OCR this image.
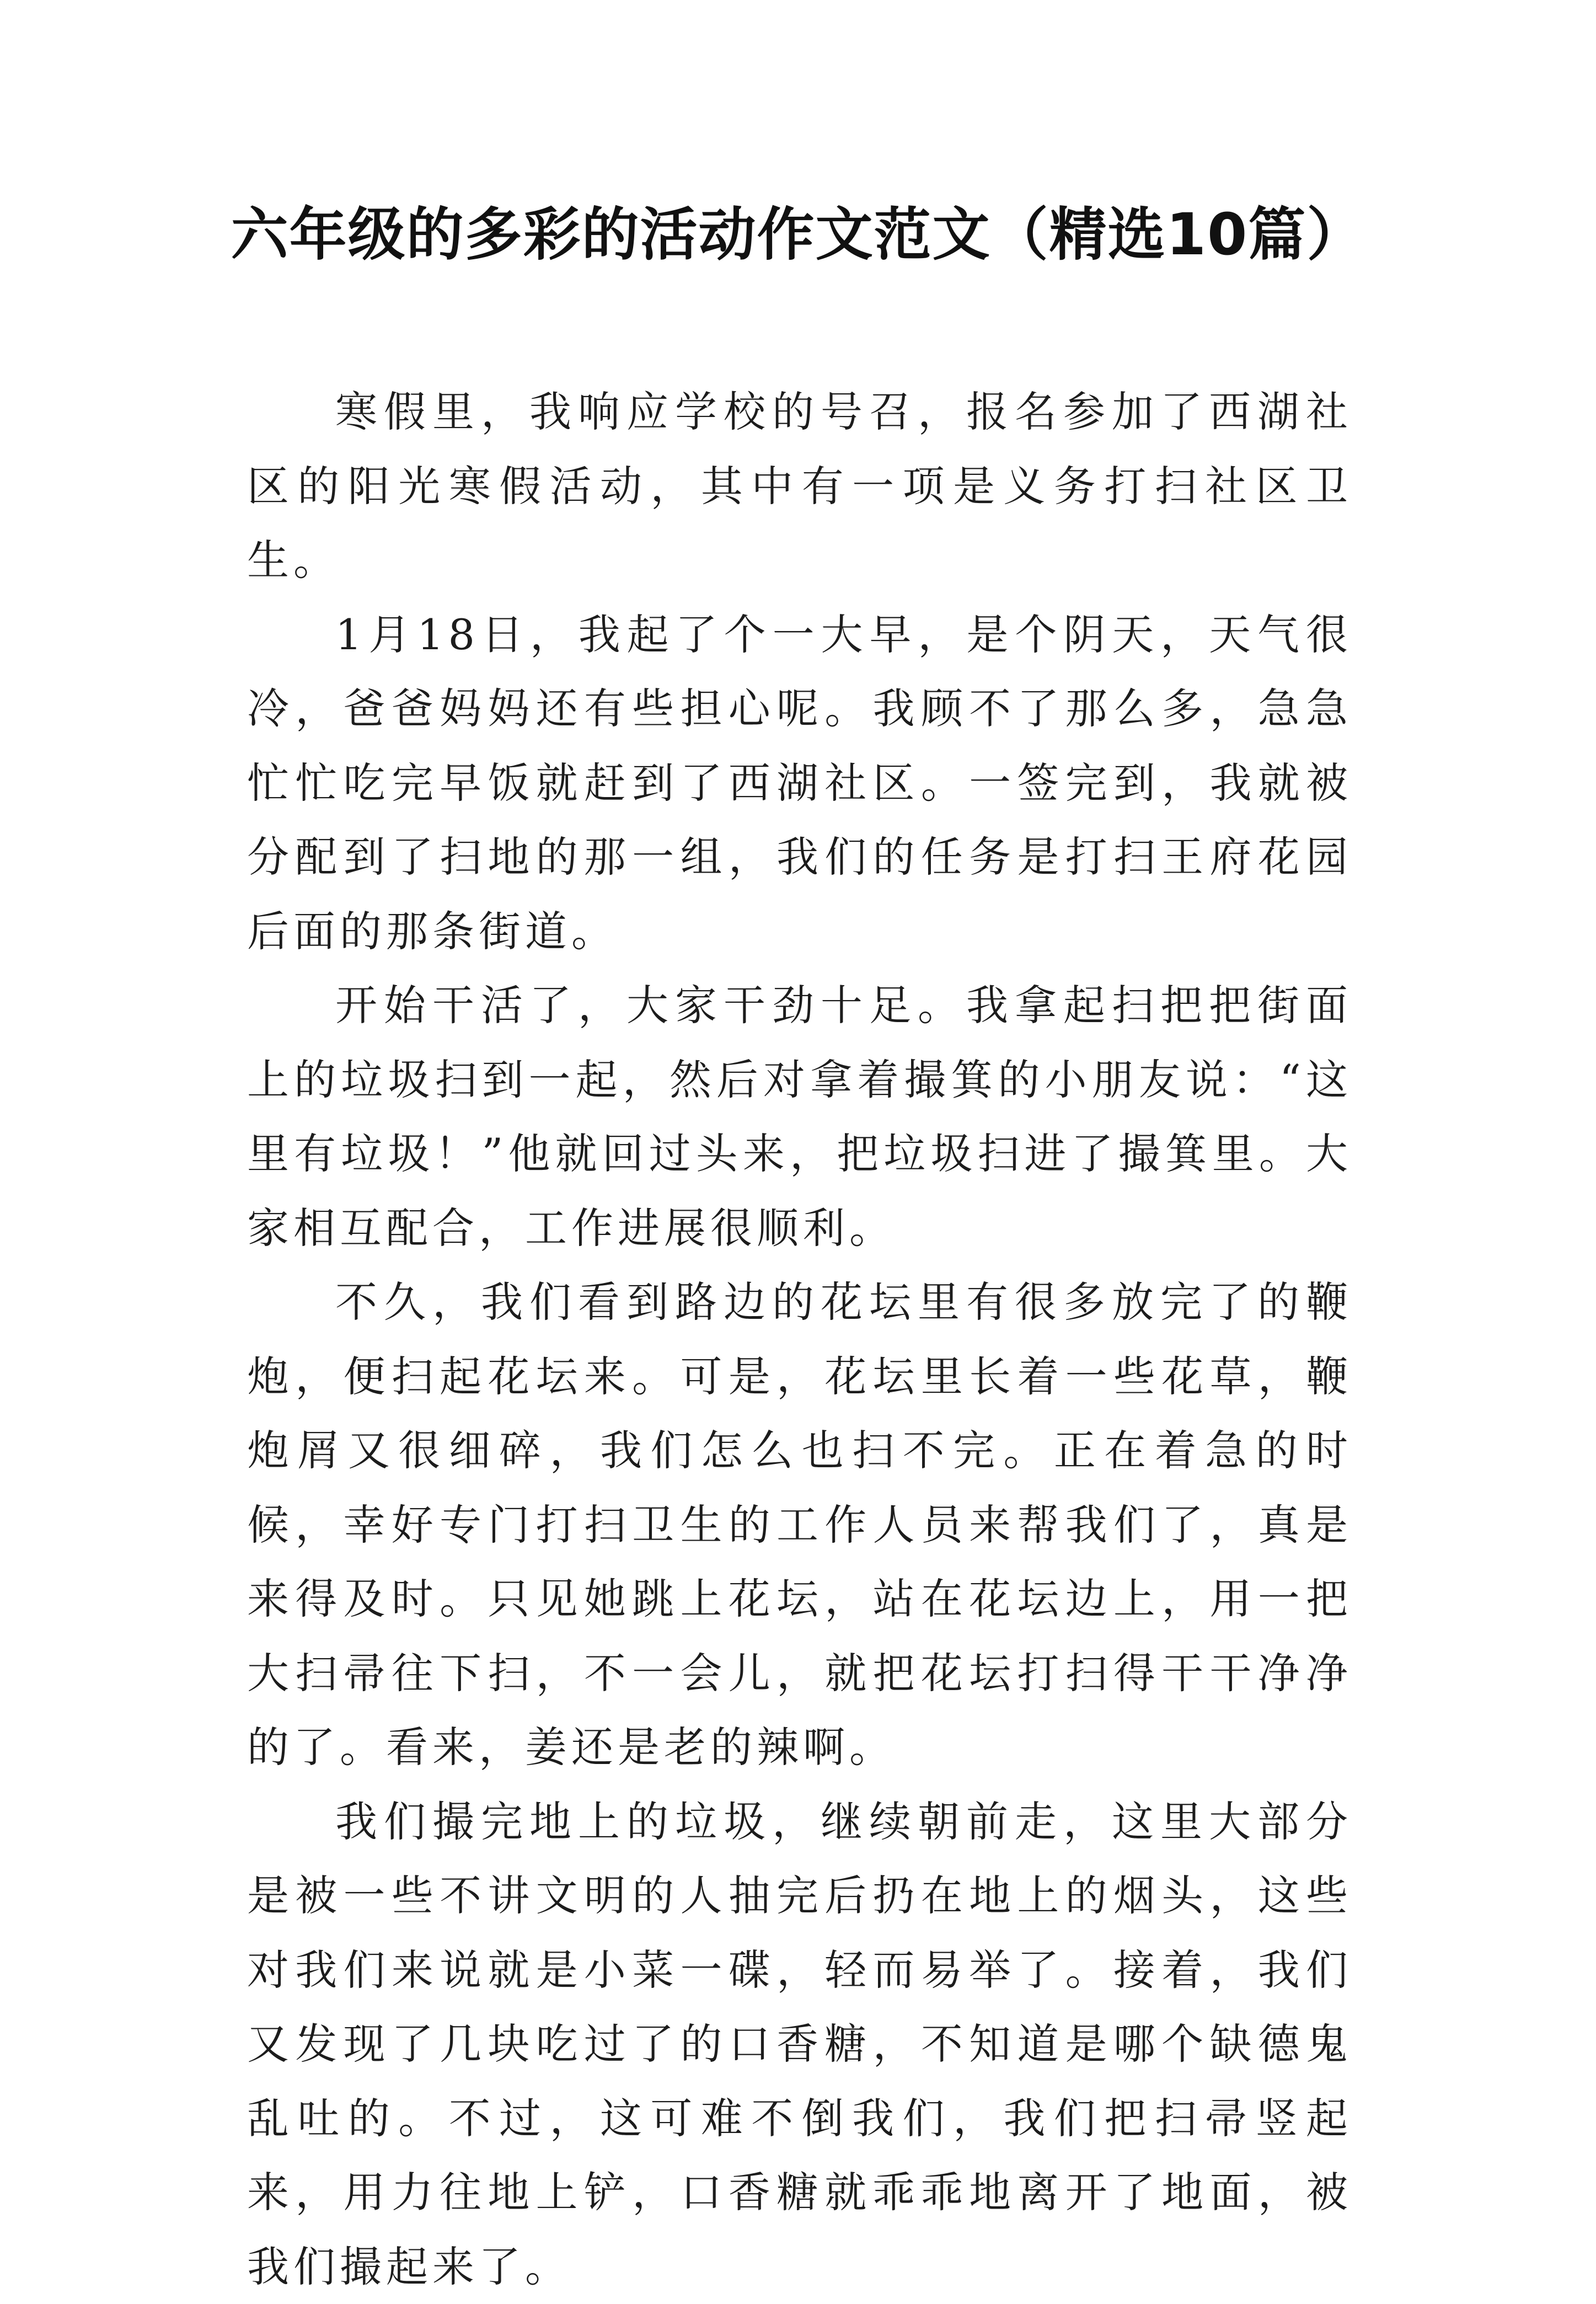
六年级的多彩的活动作文范文（精选10篇）

寒假里，我响应学校的号召，报名参加了西湖社区的阳光寒假活动，其中有一项是义务打扫社区卫生。

1月18日，我起了个一大早，是个阴天，天气很冷，爸爸妈妈还有些担心呢。我顾不了那么多，急急忙忙吃完早饭就赶到了西湖社区。一签完到，我就被分配到了扫地的那一组，我们的任务是打扫王府花园后面的那条街道。

开始干活了，大家干劲十足。我拿起扫把把街面上的垃圾扫到一起，然后对拿着撮箕的小朋友说：“这里有垃圾！”他就回过头来，把垃圾扫进了撮箕里。大家相互配合，工作进展很顺利。

不久，我们看到路边的花坛里有很多放完了的鞭炮，便扫起花坛来。可是，花坛里长着一些花草，鞭炮屑又很细碎，我们怎么也扫不完。正在着急的时候，幸好专门打扫卫生的工作人员来帮我们了，真是来得及时。只见她跳上花坛，站在花坛边上，用一把大扫帚往下扫，不一会儿，就把花坛打扫得干干净净的了。看来，姜还是老的辣啊。

我们撮完地上的垃圾，继续朝前走，这里大部分是被一些不讲文明的人抽完后扔在地上的烟头，这些对我们来说就是小菜一碟，轻而易举了。接着，我们又发现了几块吃过了的口香糖，不知道是哪个缺德鬼乱吐的。不过，这可难不倒我们，我们把扫帚竖起来，用力往地上铲，口香糖就乖乖地离开了地面，被我们撮起来了。
